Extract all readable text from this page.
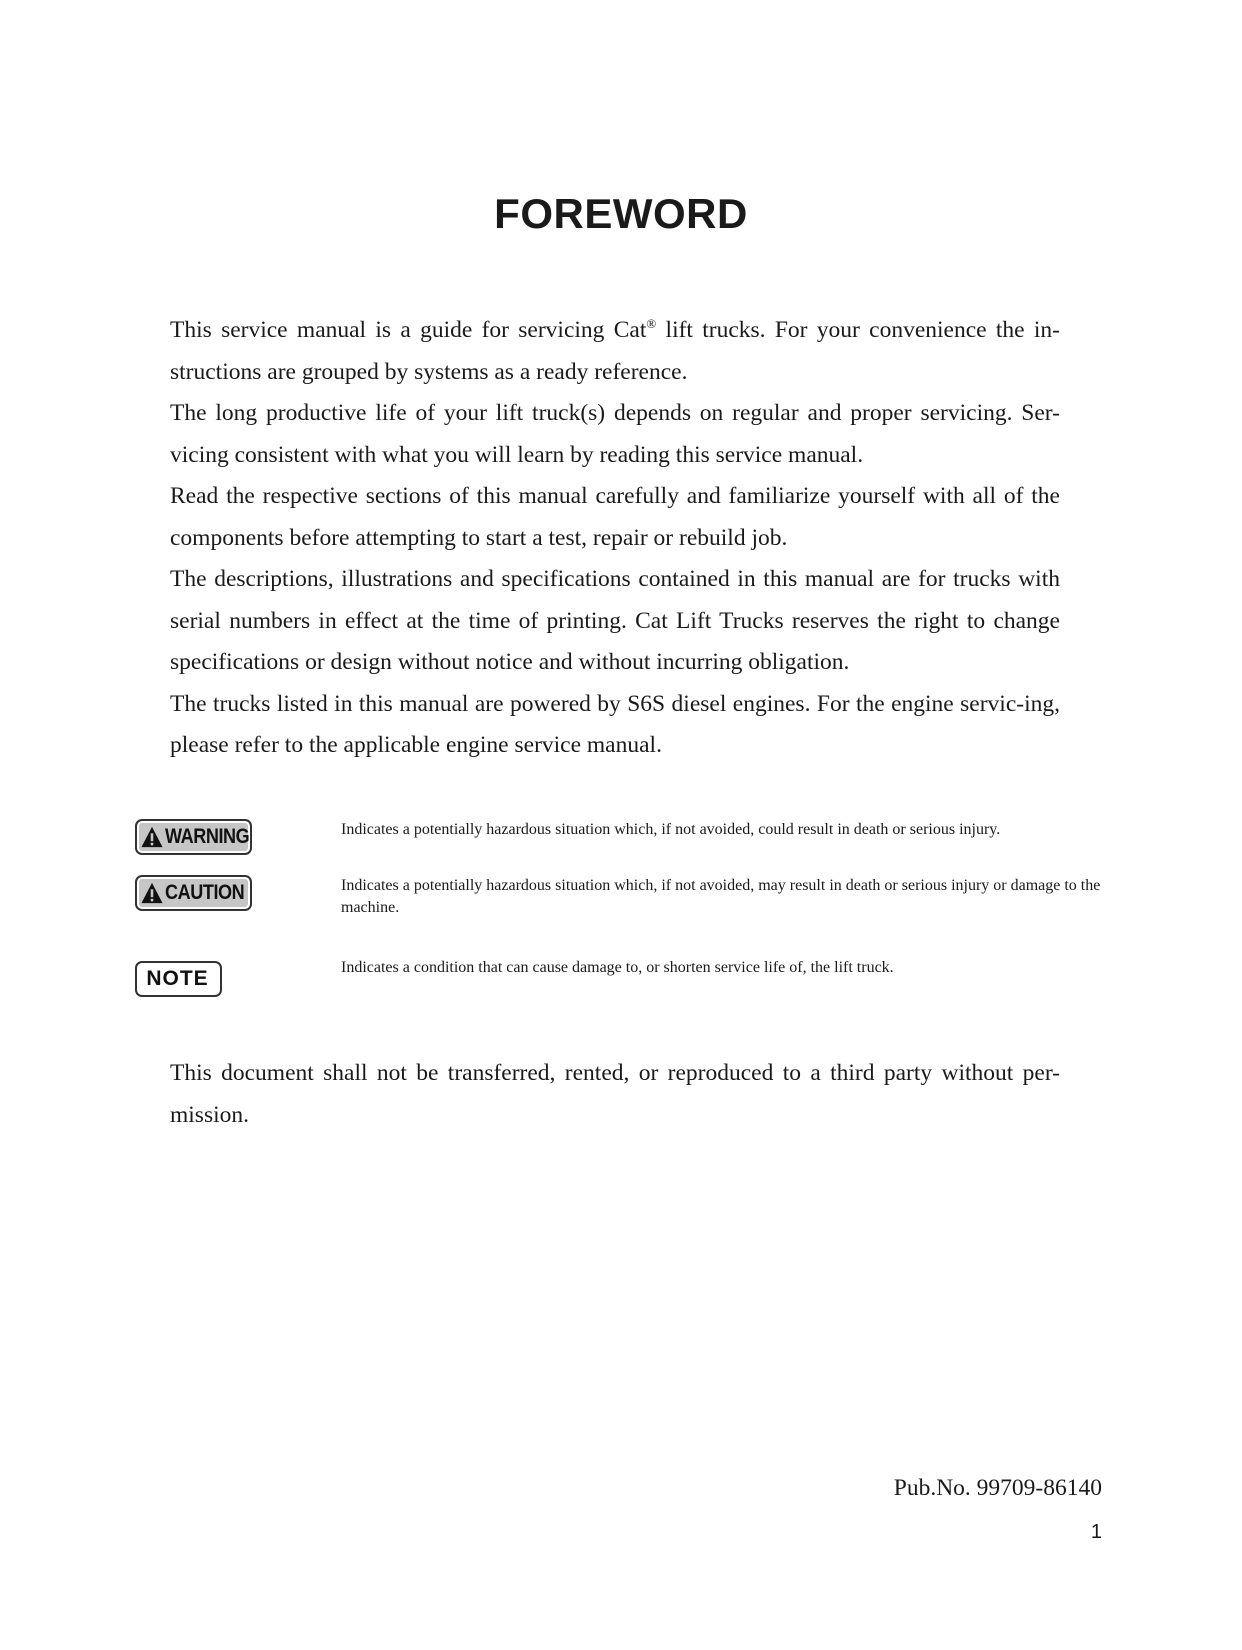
FOREWORD

This service manual is a guide for servicing Cat® lift trucks. For your convenience the in-structions are grouped by systems as a ready reference.

The long productive life of your lift truck(s) depends on regular and proper servicing. Ser-vicing consistent with what you will learn by reading this service manual.

Read the respective sections of this manual carefully and familiarize yourself with all of the components before attempting to start a test, repair or rebuild job.

The descriptions, illustrations and specifications contained in this manual are for trucks with serial numbers in effect at the time of printing. Cat Lift Trucks reserves the right to change specifications or design without notice and without incurring obligation.

The trucks listed in this manual are powered by S6S diesel engines. For the engine servic-ing, please refer to the applicable engine service manual.

WARNING	Indicates a potentially hazardous situation which, if not avoided, could result in death or serious injury.
CAUTION	Indicates a potentially hazardous situation which, if not avoided, may result in death or serious injury or damage to the machine.
NOTE	Indicates a condition that can cause damage to, or shorten service life of, the lift truck.

This document shall not be transferred, rented, or reproduced to a third party without per-mission.

Pub.No. 99709-86140

1
